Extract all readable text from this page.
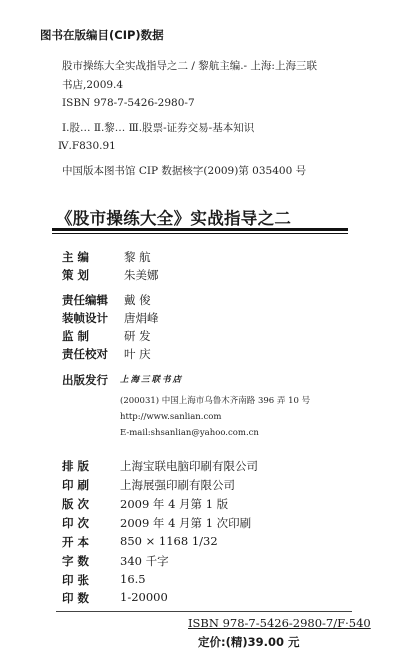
图书在版编目(CIP)数据
股市操练大全实战指导之二 / 黎航主编.- 上海:上海三联
书店,2009.4
ISBN 978-7-5426-2980-7
Ⅰ.股… Ⅱ.黎… Ⅲ.股票-证券交易-基本知识
Ⅳ.F830.91
中国版本图书馆 CIP 数据核字(2009)第 035400 号
《股市操练大全》实战指导之二
主 编	黎 航
策 划	朱美娜
责任编辑 戴 俊
装帧设计 唐焆峰
监 制	研 发
责任校对 叶 庆
出版发行 上海三联书店
(200031) 中国上海市乌鲁木齐南路 396 弄 10 号
http://www.sanlian.com
E-mail:shsanlian@yahoo.com.cn
排 版	上海宝联电脑印刷有限公司
印 刷	上海展强印刷有限公司
版 次	2009 年 4 月第 1 版
印 次	2009 年 4 月第 1 次印刷
开 本	850 × 1168 1/32
字 数	340 千字
印 张	16.5
印 数	1-20000
ISBN 978-7-5426-2980-7/F·540
定价:(精)39.00 元
